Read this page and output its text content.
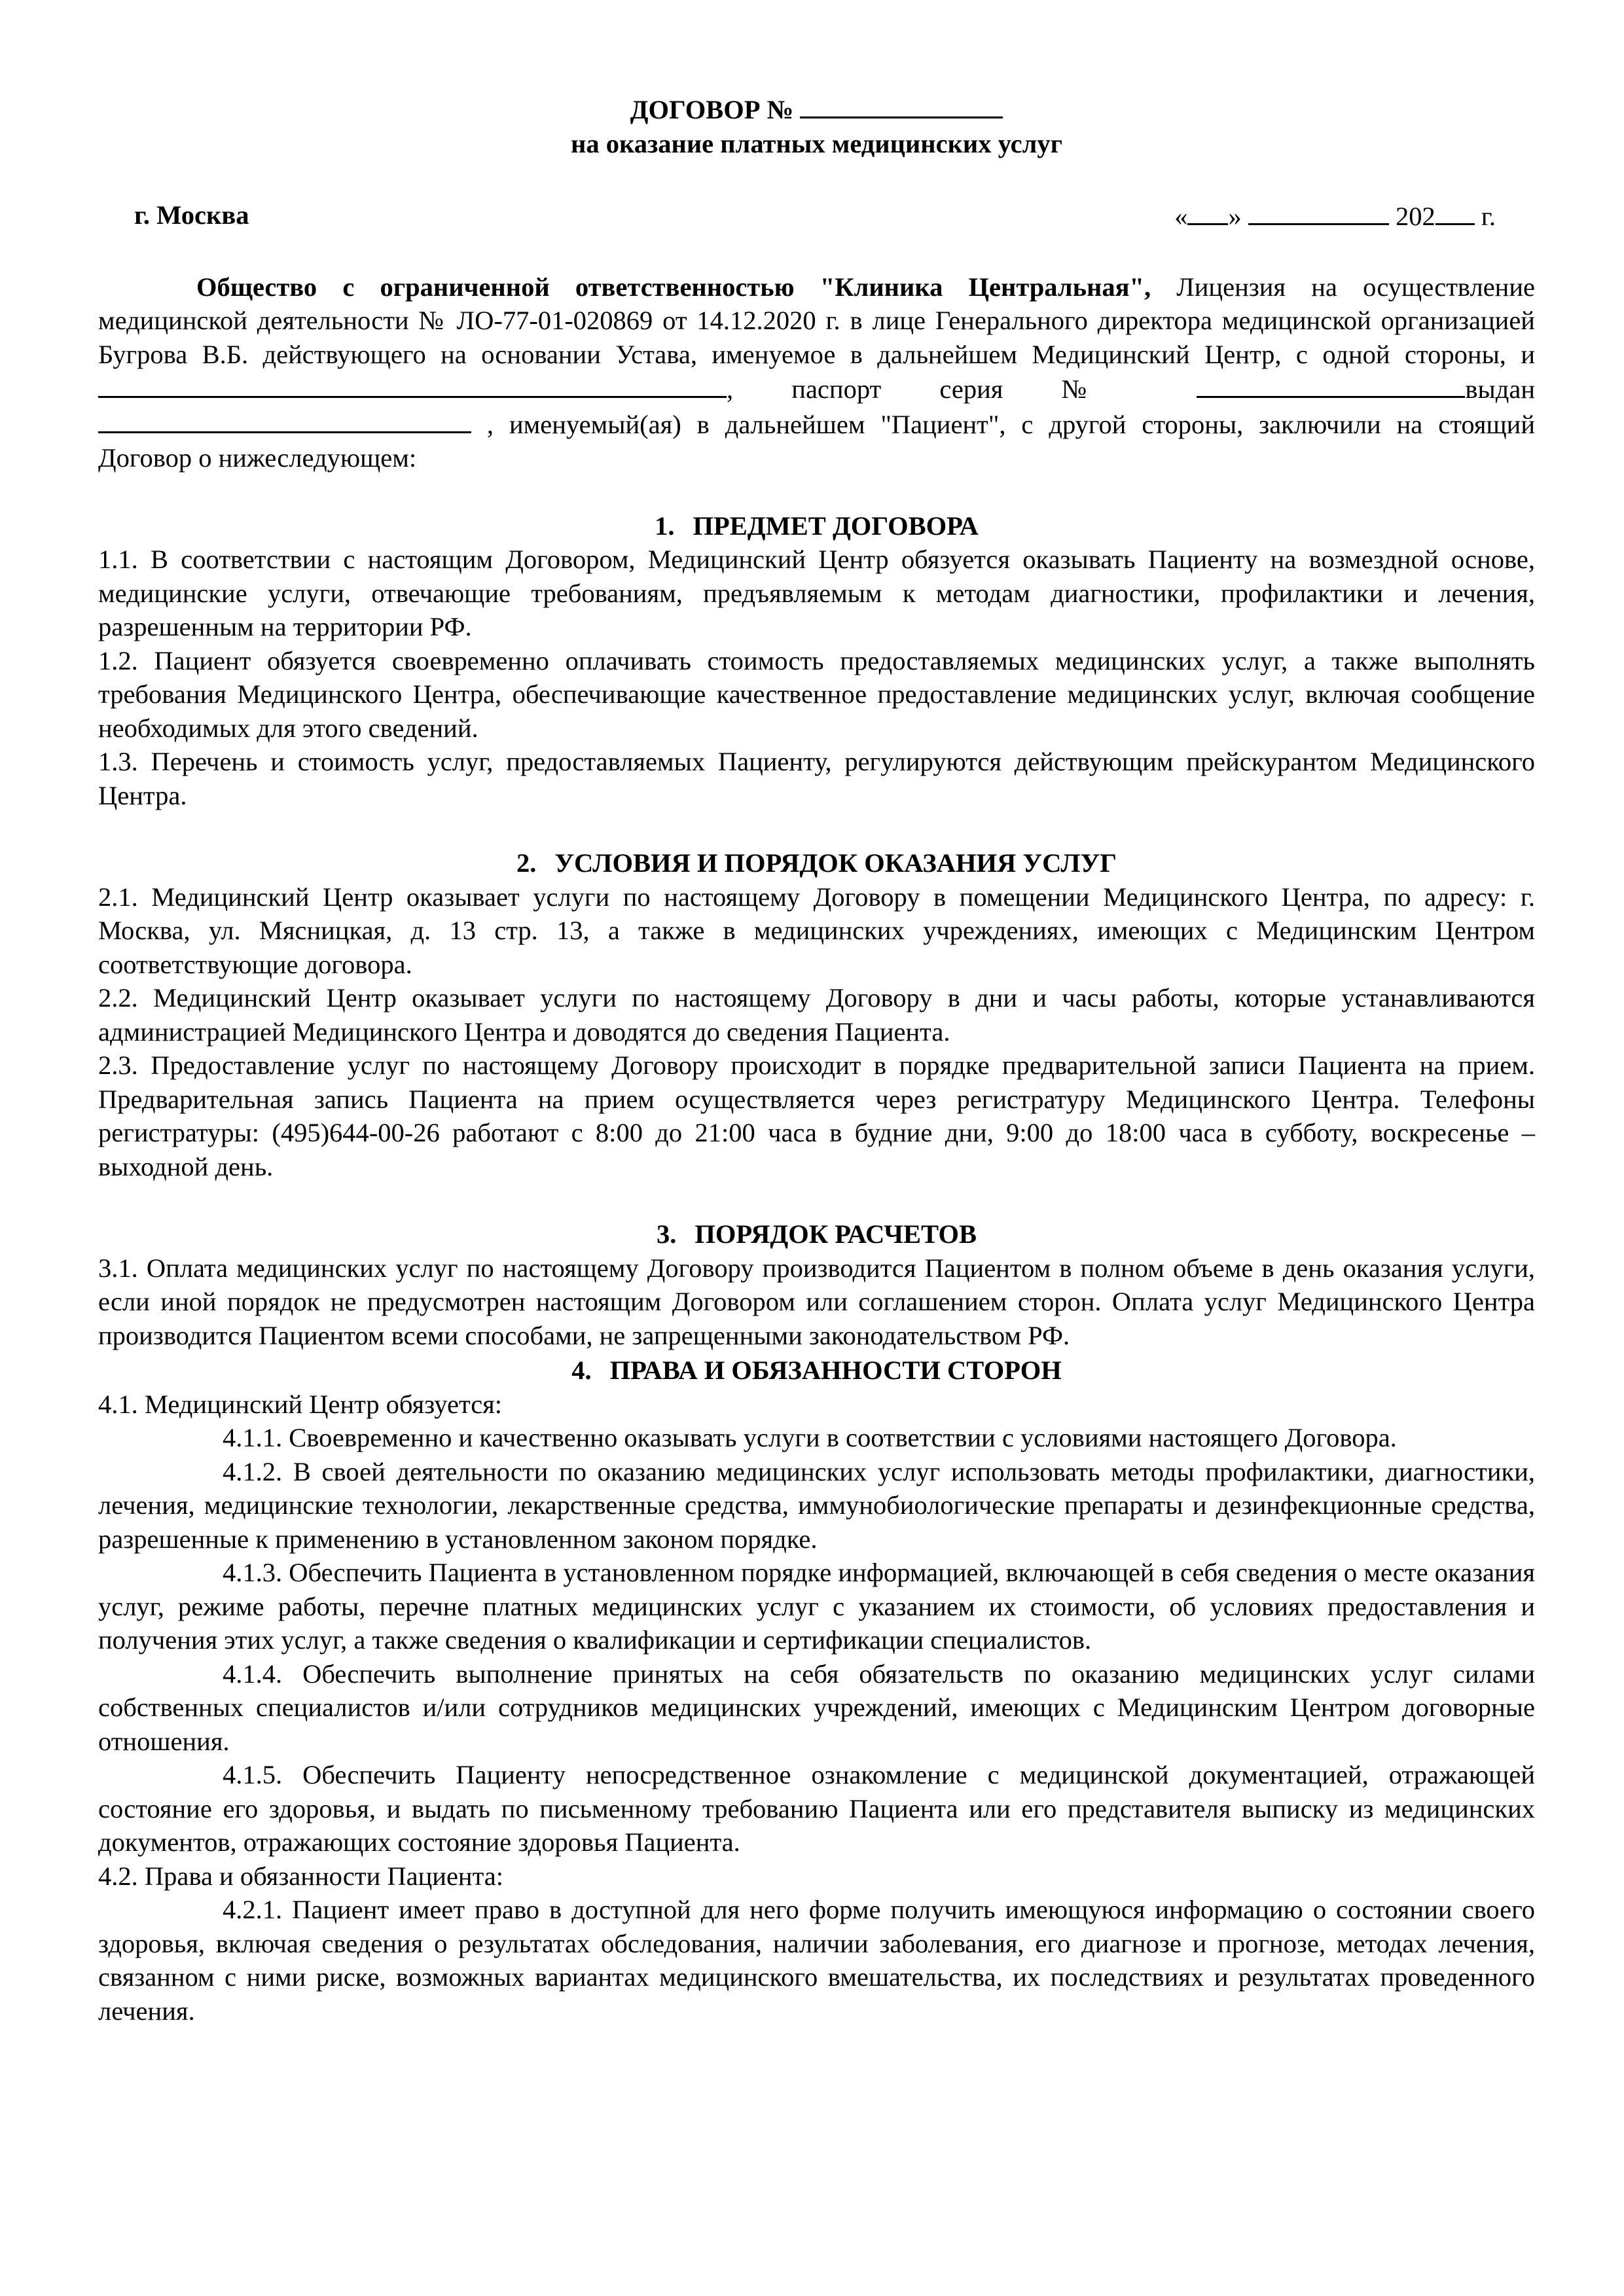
ДОГОВОР №
на оказание платных медицинских услуг
г. Москва	« »	202 г.

Общество с ограниченной ответственностью "Клиника Центральная", Лицензия на осуществление медицинской деятельности № ЛО-77-01-020869 от 14.12.2020 г. в лице Генерального директора медицинской организацией Бугрова В.Б. действующего на основании Устава, именуемое в дальнейшем Медицинский Центр, с одной стороны, и , паспорт серия №	выдан  , именуемый(ая) в дальнейшем "Пациент", с другой стороны, заключили на стоящий Договор о нижеследующем:

1. ПРЕДМЕТ ДОГОВОРА

1.1. В соответствии с настоящим Договором, Медицинский Центр обязуется оказывать Пациенту на возмездной основе, медицинские услуги, отвечающие требованиям, предъявляемым к методам диагностики, профилактики и лечения, разрешенным на территории РФ.

1.2. Пациент обязуется своевременно оплачивать стоимость предоставляемых медицинских услуг, а также выполнять требования Медицинского Центра, обеспечивающие качественное предоставление медицинских услуг, включая сообщение необходимых для этого сведений.

1.3. Перечень и стоимость услуг, предоставляемых Пациенту, регулируются действующим прейскурантом Медицинского Центра.

2. УСЛОВИЯ И ПОРЯДОК ОКАЗАНИЯ УСЛУГ

2.1. Медицинский Центр оказывает услуги по настоящему Договору в помещении Медицинского Центра, по адресу: г. Москва, ул. Мясницкая, д. 13 стр. 13, а также в медицинских учреждениях, имеющих с Медицинским Центром соответствующие договора.

2.2. Медицинский Центр оказывает услуги по настоящему Договору в дни и часы работы, которые устанавливаются администрацией Медицинского Центра и доводятся до сведения Пациента.

2.3. Предоставление услуг по настоящему Договору происходит в порядке предварительной записи Пациента на прием. Предварительная запись Пациента на прием осуществляется через регистратуру Медицинского Центра. Телефоны регистратуры: (495)644-00-26 работают с 8:00 до 21:00 часа в будние дни, 9:00 до 18:00 часа в субботу, воскресенье – выходной день.

3. ПОРЯДОК РАСЧЕТОВ

3.1. Оплата медицинских услуг по настоящему Договору производится Пациентом в полном объеме в день оказания услуги, если иной порядок не предусмотрен настоящим Договором или соглашением сторон. Оплата услуг Медицинского Центра производится Пациентом всеми способами, не запрещенными законодательством РФ.

4. ПРАВА И ОБЯЗАННОСТИ СТОРОН

4.1. Медицинский Центр обязуется:

4.1.1. Своевременно и качественно оказывать услуги в соответствии с условиями настоящего Договора.

4.1.2. В своей деятельности по оказанию медицинских услуг использовать методы профилактики, диагностики, лечения, медицинские технологии, лекарственные средства, иммунобиологические препараты и дезинфекционные средства, разрешенные к применению в установленном законом порядке.

4.1.3. Обеспечить Пациента в установленном порядке информацией, включающей в себя сведения о месте оказания услуг, режиме работы, перечне платных медицинских услуг с указанием их стоимости, об условиях предоставления и получения этих услуг, а также сведения о квалификации и сертификации специалистов.

4.1.4. Обеспечить выполнение принятых на себя обязательств по оказанию медицинских услуг силами собственных специалистов и/или сотрудников медицинских учреждений, имеющих с Медицинским Центром договорные отношения.

4.1.5. Обеспечить Пациенту непосредственное ознакомление с медицинской документацией, отражающей состояние его здоровья, и выдать по письменному требованию Пациента или его представителя выписку из медицинских документов, отражающих состояние здоровья Пациента.

4.2. Права и обязанности Пациента:

4.2.1. Пациент имеет право в доступной для него форме получить имеющуюся информацию о состоянии своего здоровья, включая сведения о результатах обследования, наличии заболевания, его диагнозе и прогнозе, методах лечения, связанном с ними риске, возможных вариантах медицинского вмешательства, их последствиях и результатах проведенного лечения.
